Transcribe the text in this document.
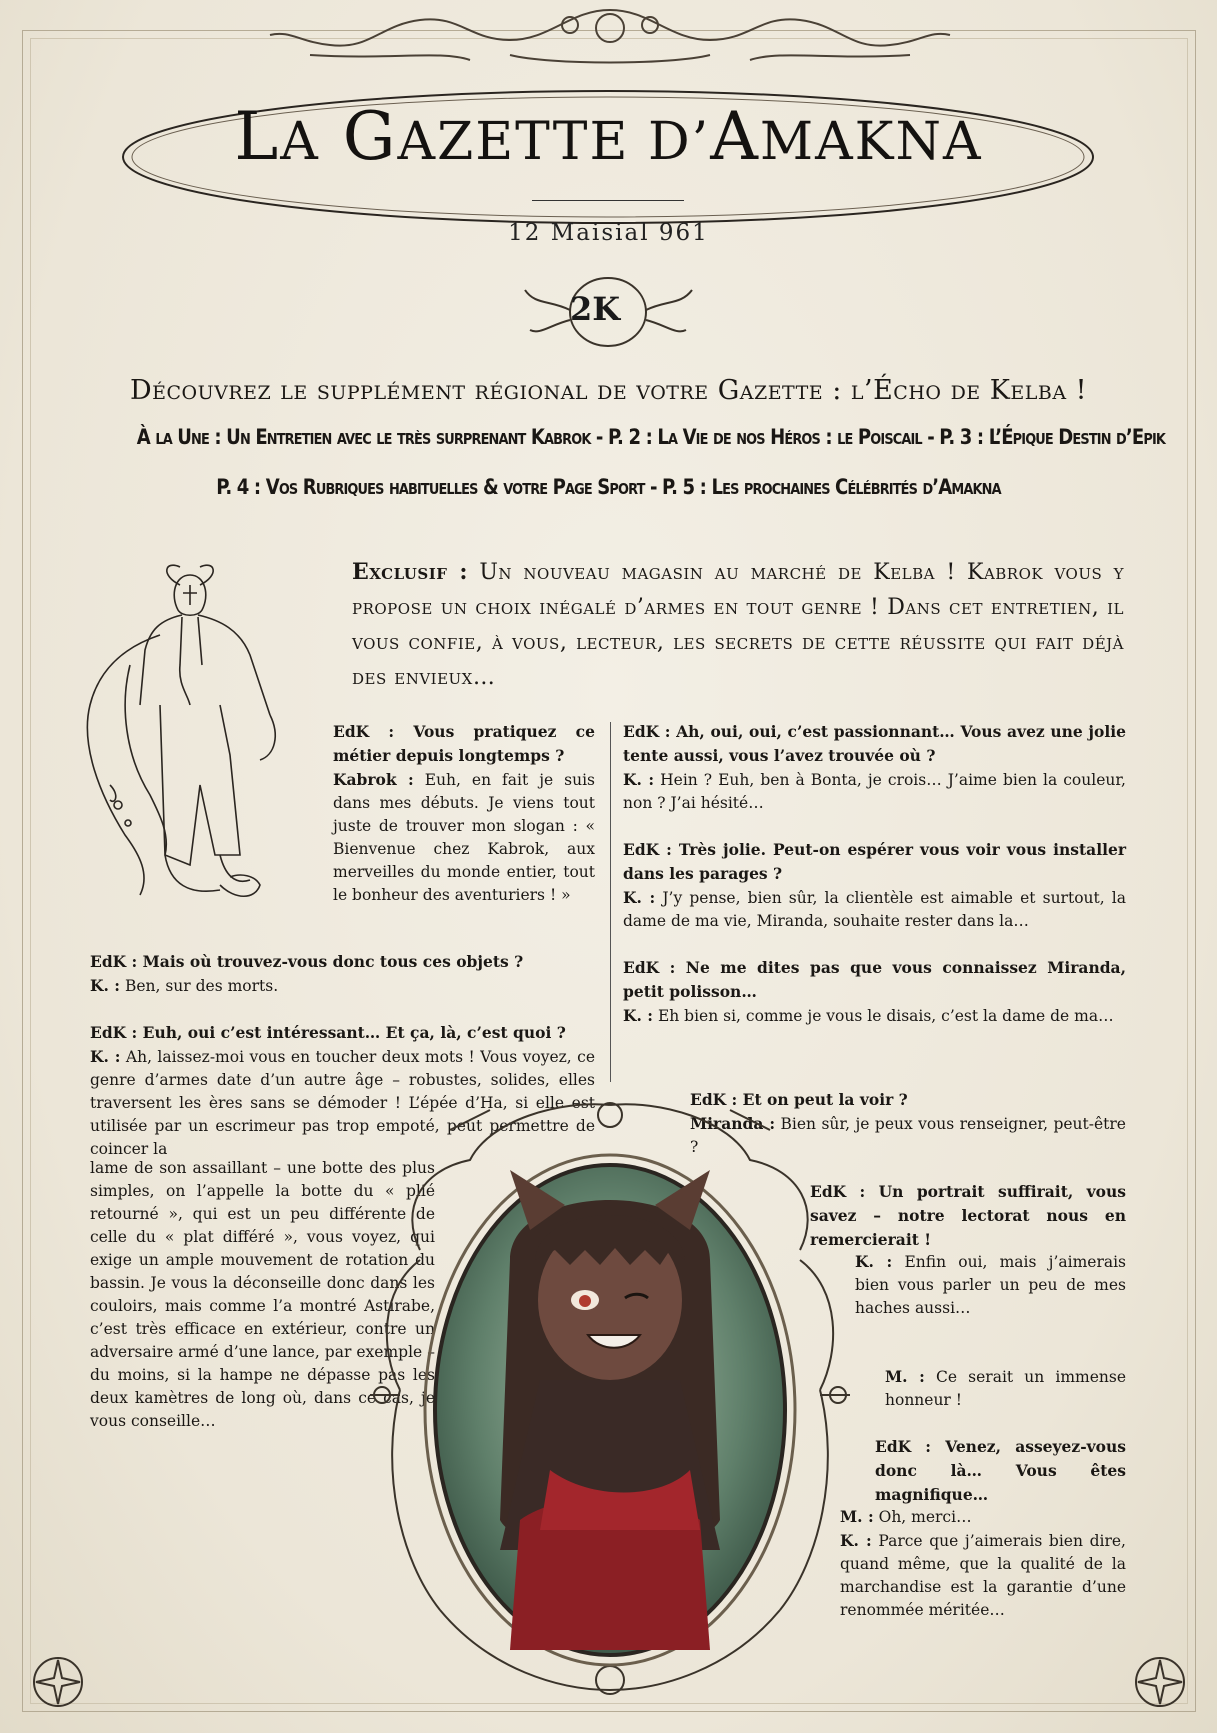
LA GAZETTE D’AMAKNA
12 Maisial 961
2K
Découvrez le supplément régional de votre Gazette : l’Écho de Kelba !
À la Une : Un Entretien avec le très surprenant Kabrok - P. 2 : La Vie de nos Héros : le Poiscail - P. 3 : L’Épique Destin d’Epik
P. 4 : Vos Rubriques habituelles & votre Page Sport - P. 5 : Les prochaines Célébrités d’Amakna

Exclusif : Un nouveau magasin au marché de Kelba ! Kabrok vous y propose un choix inégalé d’armes en tout genre ! Dans cet entretien, il vous confie, à vous, lecteur, les secrets de cette réussite qui fait déjà des envieux…

EdK : Vous pratiquez ce métier depuis longtemps ?
Kabrok : Euh, en fait je suis dans mes débuts. Je viens tout juste de trouver mon slogan : « Bienvenue chez Kabrok, aux merveilles du monde entier, tout le bonheur des aventuriers ! »

EdK : Mais où trouvez-vous donc tous ces objets ?
K. : Ben, sur des morts.

EdK : Euh, oui c’est intéressant… Et ça, là, c’est quoi ?
K. : Ah, laissez-moi vous en toucher deux mots ! Vous voyez, ce genre d’armes date d’un autre âge – robustes, solides, elles traversent les ères sans se démoder ! L’épée d’Ha, si elle est utilisée par un escrimeur pas trop empoté, peut permettre de coincer la

lame de son assaillant – une botte des plus simples, on l’appelle la botte du « plié retourné », qui est un peu différente de celle du « plat différé », vous voyez, qui exige un ample mouvement de rotation du bassin. Je vous la déconseille donc dans les couloirs, mais comme l’a montré Astirabe, c’est très efficace en extérieur, contre un adversaire armé d’une lance, par exemple – du moins, si la hampe ne dépasse pas les deux kamètres de long où, dans ce cas, je vous conseille…

EdK : Ah, oui, oui, c’est passionnant… Vous avez une jolie tente aussi, vous l’avez trouvée où ?
K. : Hein ? Euh, ben à Bonta, je crois… J’aime bien la couleur, non ? J’ai hésité…

EdK : Très jolie. Peut-on espérer vous voir vous installer dans les parages ?
K. : J’y pense, bien sûr, la clientèle est aimable et surtout, la dame de ma vie, Miranda, souhaite rester dans la…

EdK : Ne me dites pas que vous connaissez Miranda, petit polisson…
K. : Eh bien si, comme je vous le disais, c’est la dame de ma…

EdK : Et on peut la voir ?
Miranda : Bien sûr, je peux vous renseigner, peut-être ?

EdK : Un portrait suffirait, vous savez – notre lectorat nous en remercierait !

K. : Enfin oui, mais j’aimerais bien vous parler un peu de mes haches aussi…

M. : Ce serait un immense honneur !

EdK : Venez, asseyez-vous donc là… Vous êtes magnifique…

M. : Oh, merci…
K. : Parce que j’aimerais bien dire, quand même, que la qualité de la marchandise est la garantie d’une renommée méritée…
